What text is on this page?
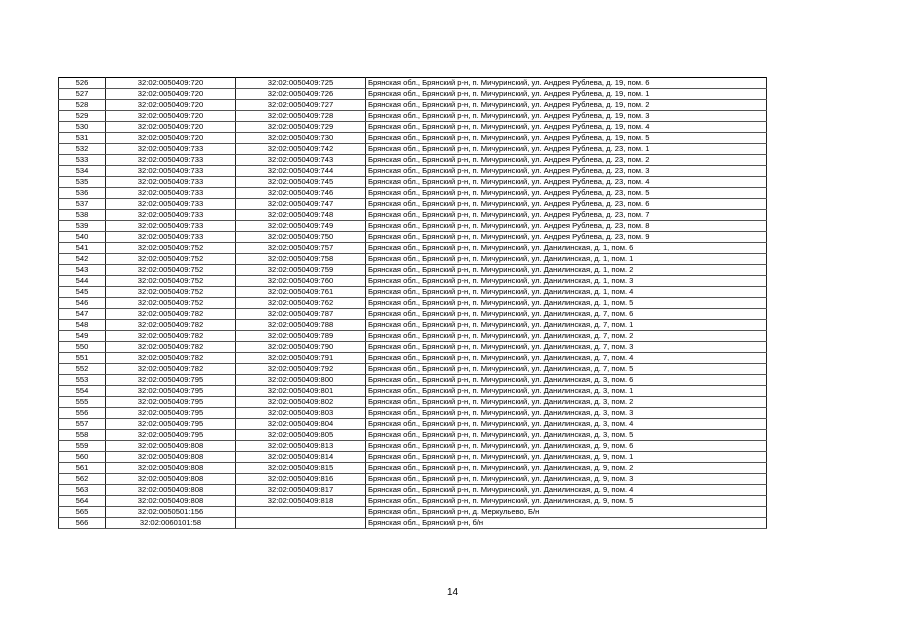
526	32:02:0050409:720	32:02:0050409:725	Брянская обл., Брянский р-н, п. Мичуринский, ул. Андрея Рублева, д. 19, пом. 6
527	32:02:0050409:720	32:02:0050409:726	Брянская обл., Брянский р-н, п. Мичуринский, ул. Андрея Рублева, д. 19, пом. 1
528	32:02:0050409:720	32:02:0050409:727	Брянская обл., Брянский р-н, п. Мичуринский, ул. Андрея Рублева, д. 19, пом. 2
529	32:02:0050409:720	32:02:0050409:728	Брянская обл., Брянский р-н, п. Мичуринский, ул. Андрея Рублева, д. 19, пом. 3
530	32:02:0050409:720	32:02:0050409:729	Брянская обл., Брянский р-н, п. Мичуринский, ул. Андрея Рублева, д. 19, пом. 4
531	32:02:0050409:720	32:02:0050409:730	Брянская обл., Брянский р-н, п. Мичуринский, ул. Андрея Рублева, д. 19, пом. 5
532	32:02:0050409:733	32:02:0050409:742	Брянская обл., Брянский р-н, п. Мичуринский, ул. Андрея Рублева, д. 23, пом. 1
533	32:02:0050409:733	32:02:0050409:743	Брянская обл., Брянский р-н, п. Мичуринский, ул. Андрея Рублева, д. 23, пом. 2
534	32:02:0050409:733	32:02:0050409:744	Брянская обл., Брянский р-н, п. Мичуринский, ул. Андрея Рублева, д. 23, пом. 3
535	32:02:0050409:733	32:02:0050409:745	Брянская обл., Брянский р-н, п. Мичуринский, ул. Андрея Рублева, д. 23, пом. 4
536	32:02:0050409:733	32:02:0050409:746	Брянская обл., Брянский р-н, п. Мичуринский, ул. Андрея Рублева, д. 23, пом. 5
537	32:02:0050409:733	32:02:0050409:747	Брянская обл., Брянский р-н, п. Мичуринский, ул. Андрея Рублева, д. 23, пом. 6
538	32:02:0050409:733	32:02:0050409:748	Брянская обл., Брянский р-н, п. Мичуринский, ул. Андрея Рублева, д. 23, пом. 7
539	32:02:0050409:733	32:02:0050409:749	Брянская обл., Брянский р-н, п. Мичуринский, ул. Андрея Рублева, д. 23, пом. 8
540	32:02:0050409:733	32:02:0050409:750	Брянская обл., Брянский р-н, п. Мичуринский, ул. Андрея Рублева, д. 23, пом. 9
541	32:02:0050409:752	32:02:0050409:757	Брянская обл., Брянский р-н, п. Мичуринский, ул. Данилинская, д. 1, пом. 6
542	32:02:0050409:752	32:02:0050409:758	Брянская обл., Брянский р-н, п. Мичуринский, ул. Данилинская, д. 1, пом. 1
543	32:02:0050409:752	32:02:0050409:759	Брянская обл., Брянский р-н, п. Мичуринский, ул. Данилинская, д. 1, пом. 2
544	32:02:0050409:752	32:02:0050409:760	Брянская обл., Брянский р-н, п. Мичуринский, ул. Данилинская, д. 1, пом. 3
545	32:02:0050409:752	32:02:0050409:761	Брянская обл., Брянский р-н, п. Мичуринский, ул. Данилинская, д. 1, пом. 4
546	32:02:0050409:752	32:02:0050409:762	Брянская обл., Брянский р-н, п. Мичуринский, ул. Данилинская, д. 1, пом. 5
547	32:02:0050409:782	32:02:0050409:787	Брянская обл., Брянский р-н, п. Мичуринский, ул. Данилинская, д. 7, пом. 6
548	32:02:0050409:782	32:02:0050409:788	Брянская обл., Брянский р-н, п. Мичуринский, ул. Данилинская, д. 7, пом. 1
549	32:02:0050409:782	32:02:0050409:789	Брянская обл., Брянский р-н, п. Мичуринский, ул. Данилинская, д. 7, пом. 2
550	32:02:0050409:782	32:02:0050409:790	Брянская обл., Брянский р-н, п. Мичуринский, ул. Данилинская, д. 7, пом. 3
551	32:02:0050409:782	32:02:0050409:791	Брянская обл., Брянский р-н, п. Мичуринский, ул. Данилинская, д. 7, пом. 4
552	32:02:0050409:782	32:02:0050409:792	Брянская обл., Брянский р-н, п. Мичуринский, ул. Данилинская, д. 7, пом. 5
553	32:02:0050409:795	32:02:0050409:800	Брянская обл., Брянский р-н, п. Мичуринский, ул. Данилинская, д. 3, пом. 6
554	32:02:0050409:795	32:02:0050409:801	Брянская обл., Брянский р-н, п. Мичуринский, ул. Данилинская, д. 3, пом. 1
555	32:02:0050409:795	32:02:0050409:802	Брянская обл., Брянский р-н, п. Мичуринский, ул. Данилинская, д. 3, пом. 2
556	32:02:0050409:795	32:02:0050409:803	Брянская обл., Брянский р-н, п. Мичуринский, ул. Данилинская, д. 3, пом. 3
557	32:02:0050409:795	32:02:0050409:804	Брянская обл., Брянский р-н, п. Мичуринский, ул. Данилинская, д. 3, пом. 4
558	32:02:0050409:795	32:02:0050409:805	Брянская обл., Брянский р-н, п. Мичуринский, ул. Данилинская, д. 3, пом. 5
559	32:02:0050409:808	32:02:0050409:813	Брянская обл., Брянский р-н, п. Мичуринский, ул. Данилинская, д. 9, пом. 6
560	32:02:0050409:808	32:02:0050409:814	Брянская обл., Брянский р-н, п. Мичуринский, ул. Данилинская, д. 9, пом. 1
561	32:02:0050409:808	32:02:0050409:815	Брянская обл., Брянский р-н, п. Мичуринский, ул. Данилинская, д. 9, пом. 2
562	32:02:0050409:808	32:02:0050409:816	Брянская обл., Брянский р-н, п. Мичуринский, ул. Данилинская, д. 9, пом. 3
563	32:02:0050409:808	32:02:0050409:817	Брянская обл., Брянский р-н, п. Мичуринский, ул. Данилинская, д. 9, пом. 4
564	32:02:0050409:808	32:02:0050409:818	Брянская обл., Брянский р-н, п. Мичуринский, ул. Данилинская, д. 9, пом. 5
565	32:02:0050501:156		Брянская обл., Брянский р-н, д. Меркульево, Б/н
566	32:02:0060101:58		Брянская обл., Брянский р-н, б/н
14
